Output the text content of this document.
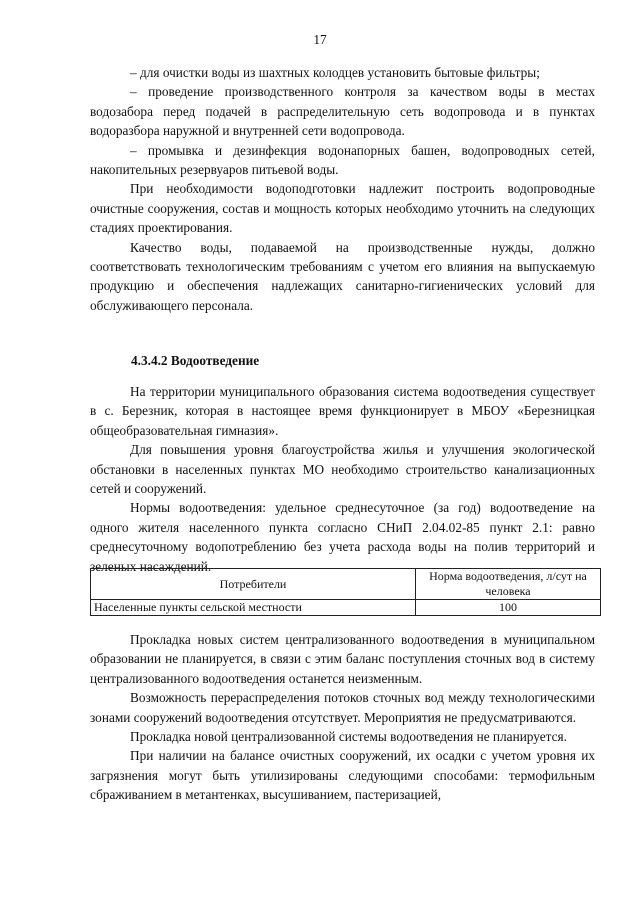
17

– для очистки воды из шахтных колодцев установить бытовые фильтры;

– проведение производственного контроля за качеством воды в местах водозабора перед подачей в распределительную сеть водопровода и в пунктах водоразбора наружной и внутренней сети водопровода.

– промывка и дезинфекция водонапорных башен, водопроводных сетей, накопительных резервуаров питьевой воды.

При необходимости водоподготовки надлежит построить водопроводные очистные сооружения, состав и мощность которых необходимо уточнить на следующих стадиях проектирования.

Качество воды, подаваемой на производственные нужды, должно соответствовать технологическим требованиям с учетом его влияния на выпускаемую продукцию и обеспечения надлежащих санитарно-гигиенических условий для обслуживающего персонала.

4.3.4.2 Водоотведение

На территории муниципального образования система водоотведения существует в с. Березник, которая в настоящее время функционирует в МБОУ «Березницкая общеобразовательная гимназия».

Для повышения уровня благоустройства жилья и улучшения экологической обстановки в населенных пунктах МО необходимо строительство канализационных сетей и сооружений.

Нормы водоотведения: удельное среднесуточное (за год) водоотведение на одного жителя населенного пункта согласно СНиП 2.04.02-85 пункт 2.1: равно среднесуточному водопотреблению без учета расхода воды на полив территорий и зеленых насаждений.

Потребители	Норма водоотведения, л/сут на человека
Населенные пункты сельской местности	100

Прокладка новых систем централизованного водоотведения в муниципальном образовании не планируется, в связи с этим баланс поступления сточных вод в систему централизованного водоотведения останется неизменным.

Возможность перераспределения потоков сточных вод между технологическими зонами сооружений водоотведения отсутствует. Мероприятия не предусматриваются.

Прокладка новой централизованной системы водоотведения не планируется.

При наличии на балансе очистных сооружений, их осадки с учетом уровня их загрязнения могут быть утилизированы следующими способами: термофильным сбраживанием в метантенках, высушиванием, пастеризацией,
